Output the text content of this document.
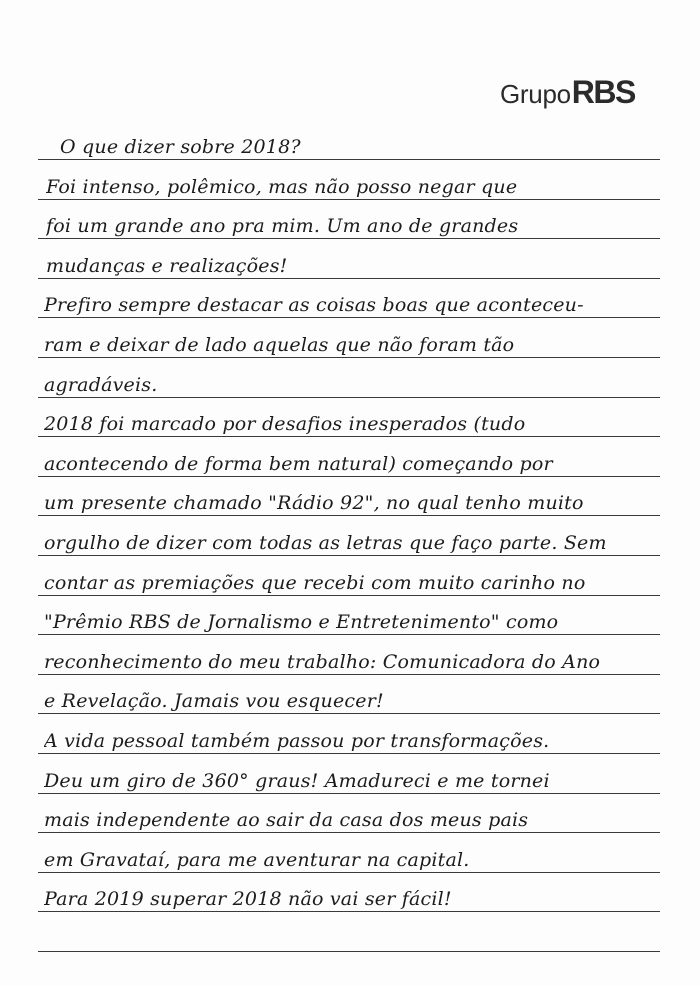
Grupo RBS
O que dizer sobre 2018?
Foi intenso, polêmico, mas não posso negar que
foi um grande ano pra mim. Um ano de grandes
mudanças e realizações!
Prefiro sempre destacar as coisas boas que aconteceu-
ram e deixar de lado aquelas que não foram tão
agradáveis.
2018 foi marcado por desafios inesperados (tudo
acontecendo de forma bem natural) começando por
um presente chamado "Rádio 92", no qual tenho muito
orgulho de dizer com todas as letras que faço parte. Sem
contar as premiações que recebi com muito carinho no
"Prêmio RBS de Jornalismo e Entretenimento" como
reconhecimento do meu trabalho: Comunicadora do Ano
e Revelação. Jamais vou esquecer!
A vida pessoal também passou por transformações.
Deu um giro de 360° graus! Amadureci e me tornei
mais independente ao sair da casa dos meus pais
em Gravataí, para me aventurar na capital.
Para 2019 superar 2018 não vai ser fácil!
